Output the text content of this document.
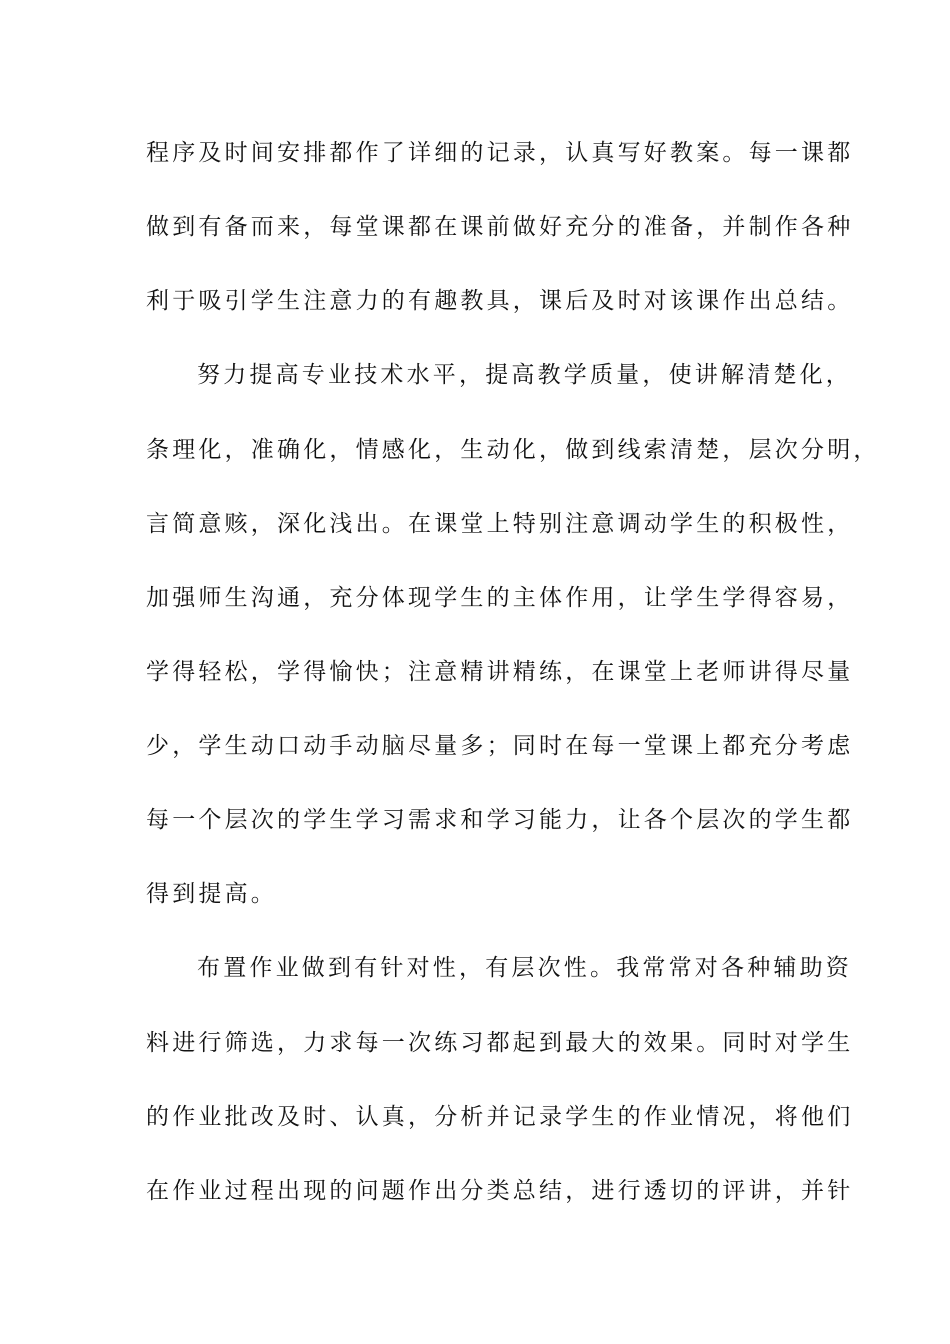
程序及时间安排都作了详细的记录，认真写好教案。每一课都
做到有备而来，每堂课都在课前做好充分的准备，并制作各种
利于吸引学生注意力的有趣教具，课后及时对该课作出总结。
努力提高专业技术水平，提高教学质量，使讲解清楚化，
条理化，准确化，情感化，生动化，做到线索清楚，层次分明，
言简意赅，深化浅出。在课堂上特别注意调动学生的积极性，
加强师生沟通，充分体现学生的主体作用，让学生学得容易，
学得轻松，学得愉快；注意精讲精练，在课堂上老师讲得尽量
少，学生动口动手动脑尽量多；同时在每一堂课上都充分考虑
每一个层次的学生学习需求和学习能力，让各个层次的学生都
得到提高。
布置作业做到有针对性，有层次性。我常常对各种辅助资
料进行筛选，力求每一次练习都起到最大的效果。同时对学生
的作业批改及时、认真，分析并记录学生的作业情况，将他们
在作业过程出现的问题作出分类总结，进行透切的评讲，并针
